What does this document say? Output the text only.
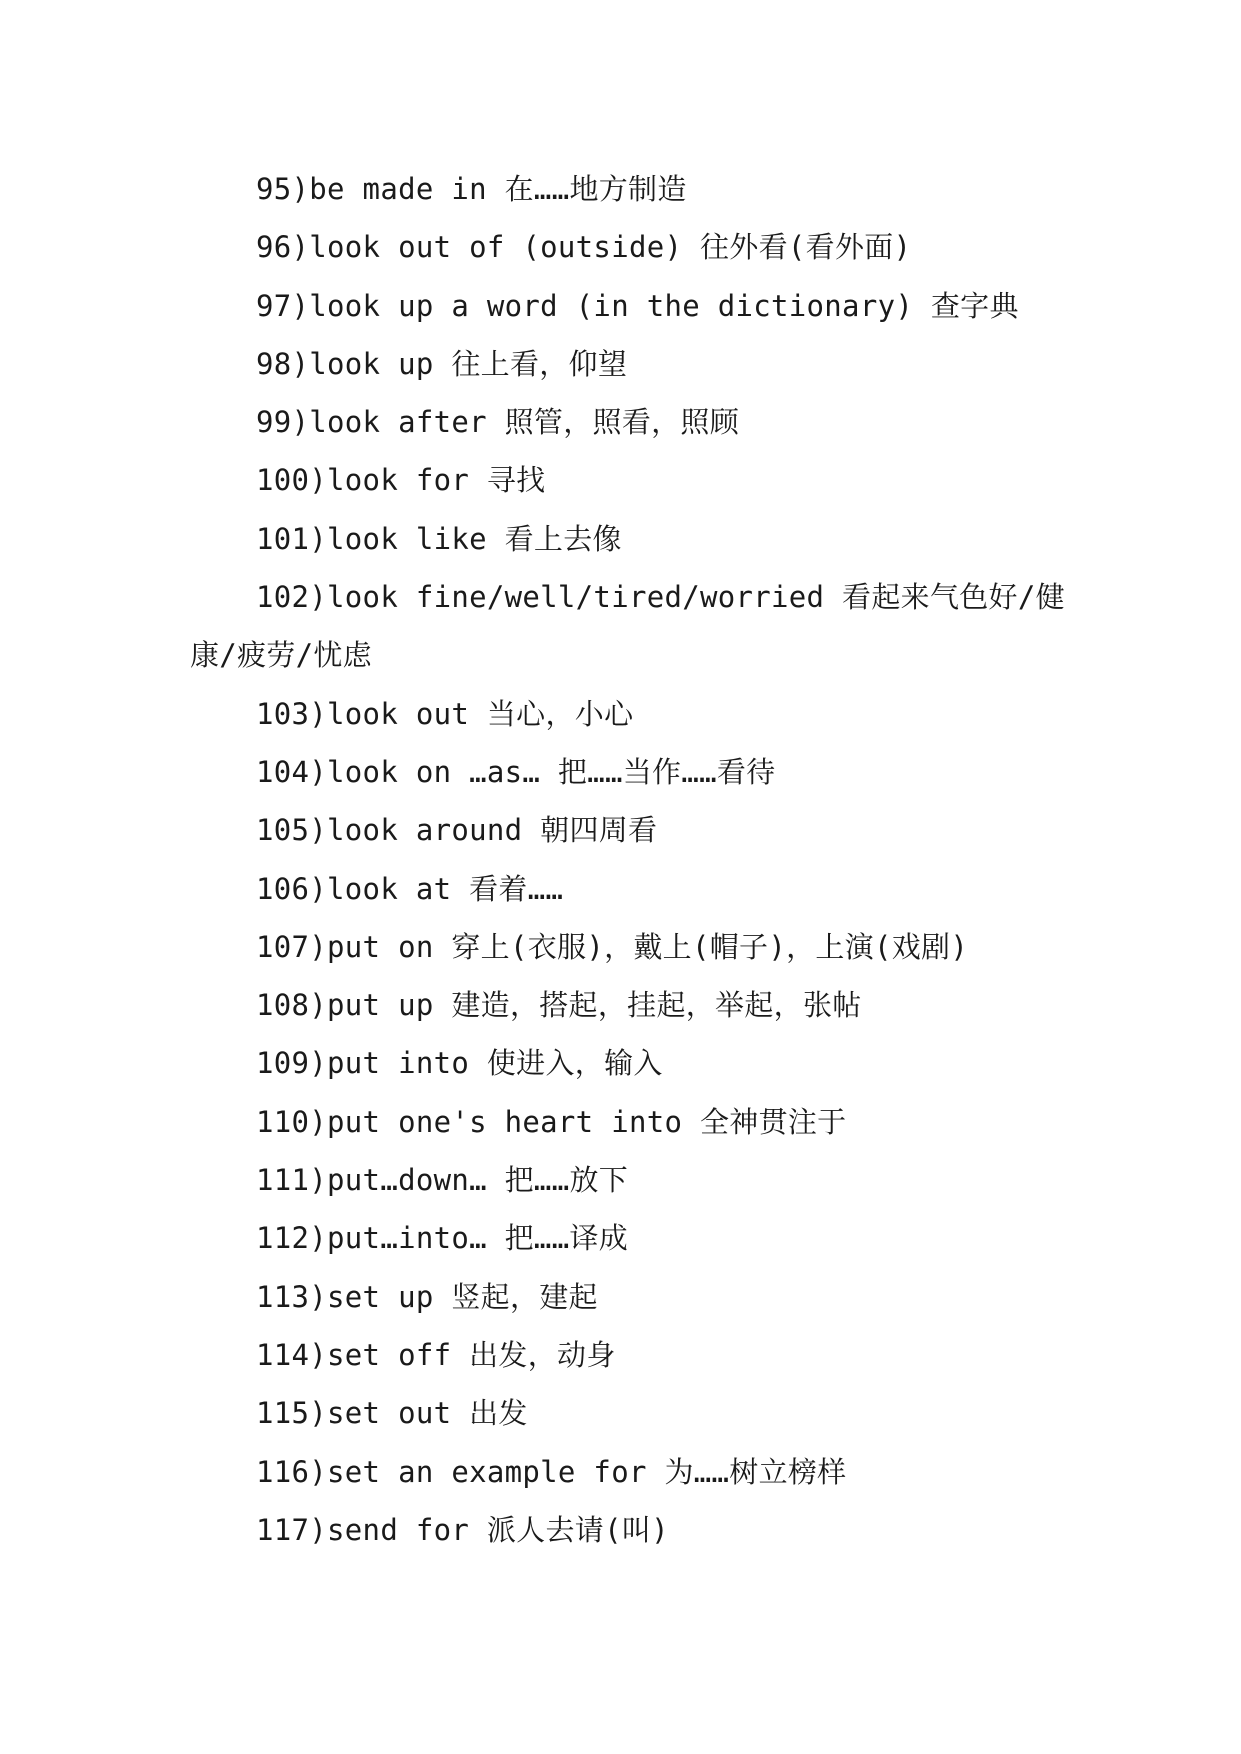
95)be made in 在……地方制造
96)look out of (outside) 往外看(看外面)
97)look up a word (in the dictionary) 查字典
98)look up 往上看，仰望
99)look after 照管，照看，照顾
100)look for 寻找
101)look like 看上去像
102)look fine/well/tired/worried 看起来气色好/健康/疲劳/忧虑
103)look out 当心，小心
104)look on …as… 把……当作……看待
105)look around 朝四周看
106)look at 看着……
107)put on 穿上(衣服)，戴上(帽子)，上演(戏剧)
108)put up 建造，搭起，挂起，举起，张帖
109)put into 使进入，输入
110)put one's heart into 全神贯注于
111)put…down… 把……放下
112)put…into… 把……译成
113)set up 竖起，建起
114)set off 出发，动身
115)set out 出发
116)set an example for 为……树立榜样
117)send for 派人去请(叫)
